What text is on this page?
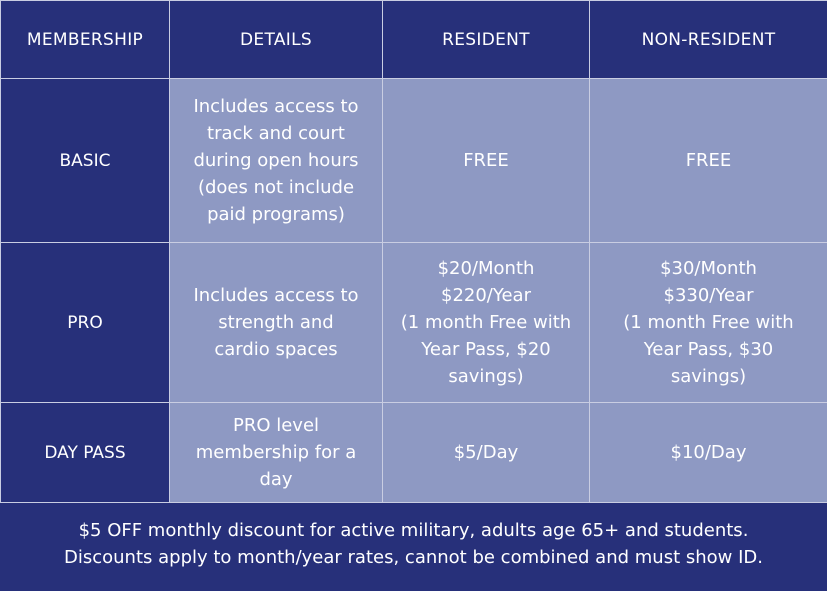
MEMBERSHIP	DETAILS	RESIDENT	NON-RESIDENT
BASIC	Includes access to
track and court
during open hours
(does not include
paid programs)	FREE	FREE

PRO	Includes access to
strength and
cardio spaces	$20/Month
$220/Year
(1 month Free with
Year Pass, $20
savings)	$30/Month
$330/Year
(1 month Free with
Year Pass, $30
savings)

DAY PASS	PRO level
membership for a
day	$5/Day	$10/Day
$5 OFF monthly discount for active military, adults age 65+ and students.
Discounts apply to month/year rates, cannot be combined and must show ID.
